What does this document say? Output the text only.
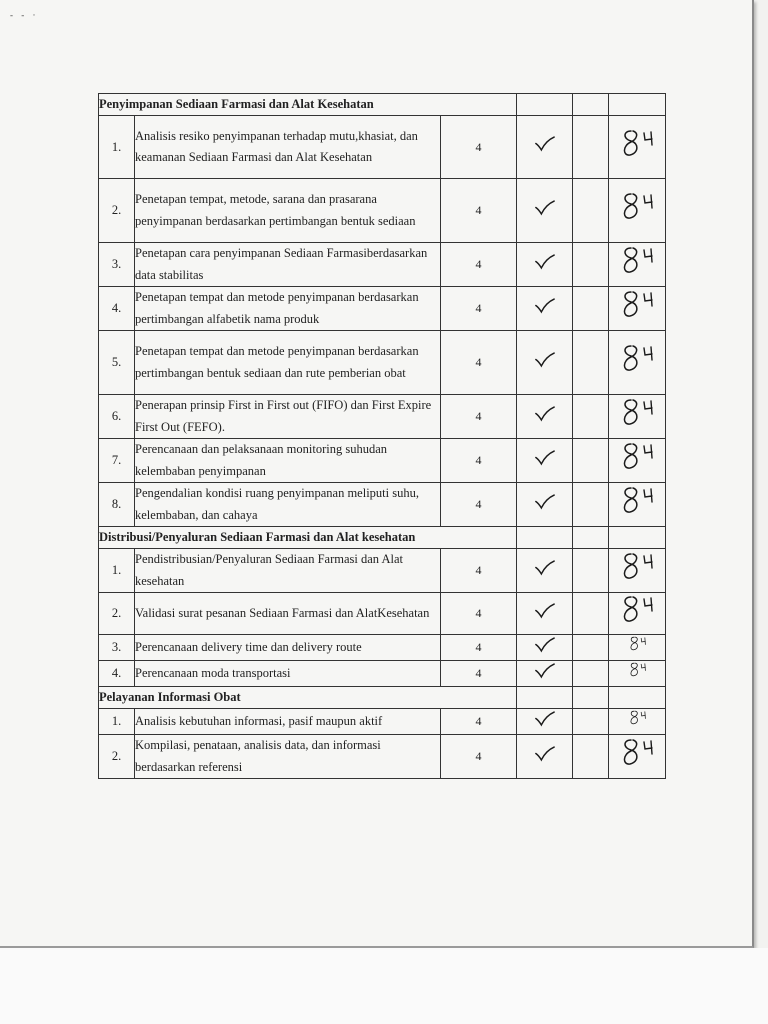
- - ·
Penyimpanan Sediaan Farmasi dan Alat Kesehatan					
1.	Analisis resiko penyimpanan terhadap mutu,khasiat, dan keamanan Sediaan Farmasi dan Alat Kesehatan	4			
2.	Penetapan tempat, metode, sarana dan prasarana penyimpanan berdasarkan pertimbangan bentuk sediaan	4			
3.	Penetapan cara penyimpanan Sediaan Farmasiberdasarkan data stabilitas	4			
4.	Penetapan tempat dan metode penyimpanan berdasarkan pertimbangan alfabetik nama produk	4			
5.	Penetapan tempat dan metode penyimpanan berdasarkan pertimbangan bentuk sediaan dan rute pemberian obat	4			
6.	Penerapan prinsip First in First out (FIFO) dan First Expire First Out (FEFO).	4			
7.	Perencanaan dan pelaksanaan monitoring suhudan kelembaban penyimpanan	4			
8.	Pengendalian kondisi ruang penyimpanan meliputi suhu, kelembaban, dan cahaya	4			
Distribusi/Penyaluran Sediaan Farmasi dan Alat kesehatan					
1.	Pendistribusian/Penyaluran Sediaan Farmasi dan Alat kesehatan	4			
2.	Validasi surat pesanan Sediaan Farmasi dan AlatKesehatan	4			
3.	Perencanaan delivery time dan delivery route	4			
4.	Perencanaan moda transportasi	4			
Pelayanan Informasi Obat					
1.	Analisis kebutuhan informasi, pasif maupun aktif	4			
2.	Kompilasi, penataan, analisis data, dan informasi berdasarkan referensi	4			
